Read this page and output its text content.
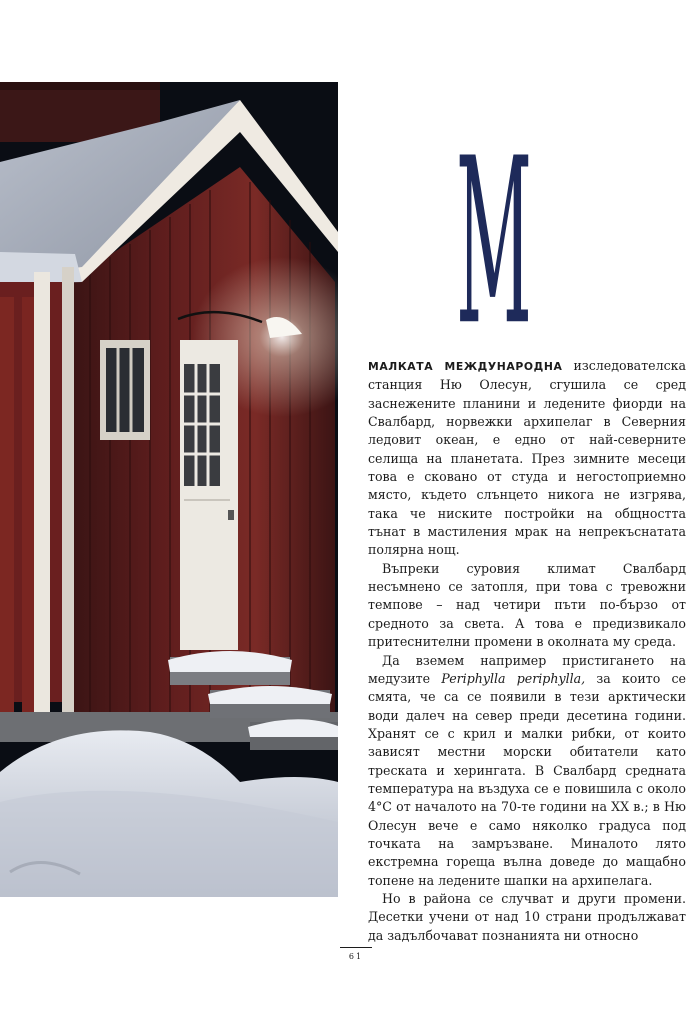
М

МАЛКАТА МЕЖДУНАРОДНА изследователска станция Ню Олесун, сгушила се сред заснежените планини и ледените фиорди на Свалбард, норвежки архипелаг в Северния ледовит океан, е едно от най-северните селища на планетата. През зимните месеци това е сковано от студа и негостоприемно място, където слънцето никога не изгрява, така че ниските постройки на общността тънат в мастиления мрак на непрекъснатата полярна нощ.

Въпреки суровия климат Свалбард несъмнено се затопля, при това с тревожни темпове – над четири пъти по-бързо от средното за света. А това е предизвикало притеснителни промени в околната му среда.

Да вземем например пристигането на медузите Periphylla periphylla, за които се смята, че са се появили в тези арктически води далеч на север преди десетина години. Хранят се с крил и малки рибки, от които зависят местни морски обитатели като трескaта и херингата. В Свалбард средната температура на въздуха се е повишила с около 4°С от началото на 70-те години на ХХ в.; в Ню Олесун вече е само няколко градуса под точката на замръзване. Миналото лято екстремна гореща вълна доведе до мащабно топене на ледените шапки на архипелага.

Но в района се случват и други промени. Десетки учени от над 10 страни продължават да задълбочават познанията ни относно

61
